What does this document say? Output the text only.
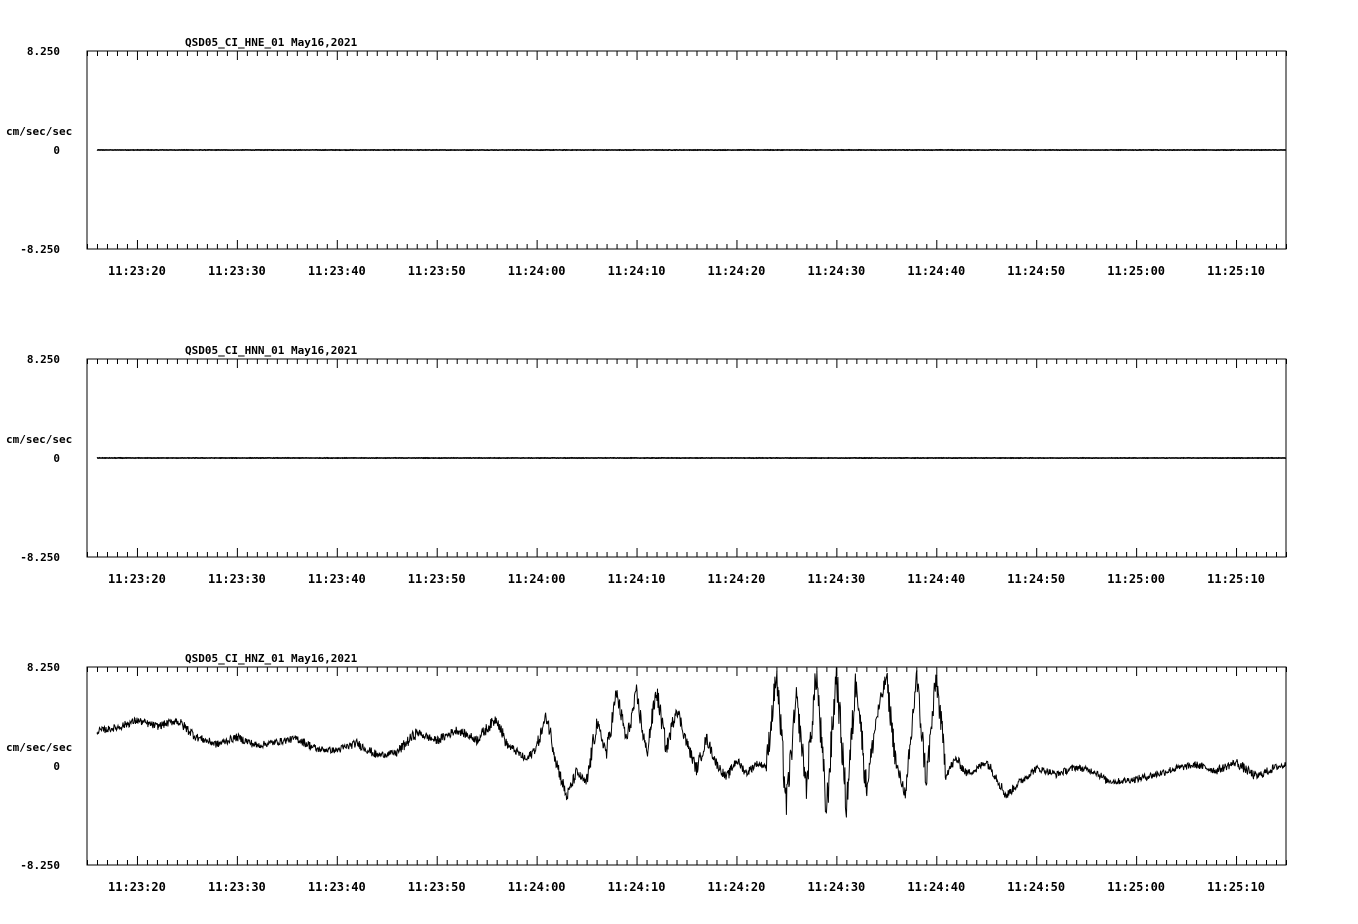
QSD05_CI_HNE_01 May16,2021
8.250
0
-8.250
cm/sec/sec
11:23:20	11:23:30	11:23:40	11:23:50	11:24:00	11:24:10	11:24:20	11:24:30	11:24:40	11:24:50	11:25:00	11:25:10
QSD05_CI_HNN_01 May16,2021
8.250
0
-8.250
cm/sec/sec
11:23:20	11:23:30	11:23:40	11:23:50	11:24:00	11:24:10	11:24:20	11:24:30	11:24:40	11:24:50	11:25:00	11:25:10
QSD05_CI_HNZ_01 May16,2021
8.250
0
-8.250
cm/sec/sec
11:23:20	11:23:30	11:23:40	11:23:50	11:24:00	11:24:10	11:24:20	11:24:30	11:24:40	11:24:50	11:25:00	11:25:10
